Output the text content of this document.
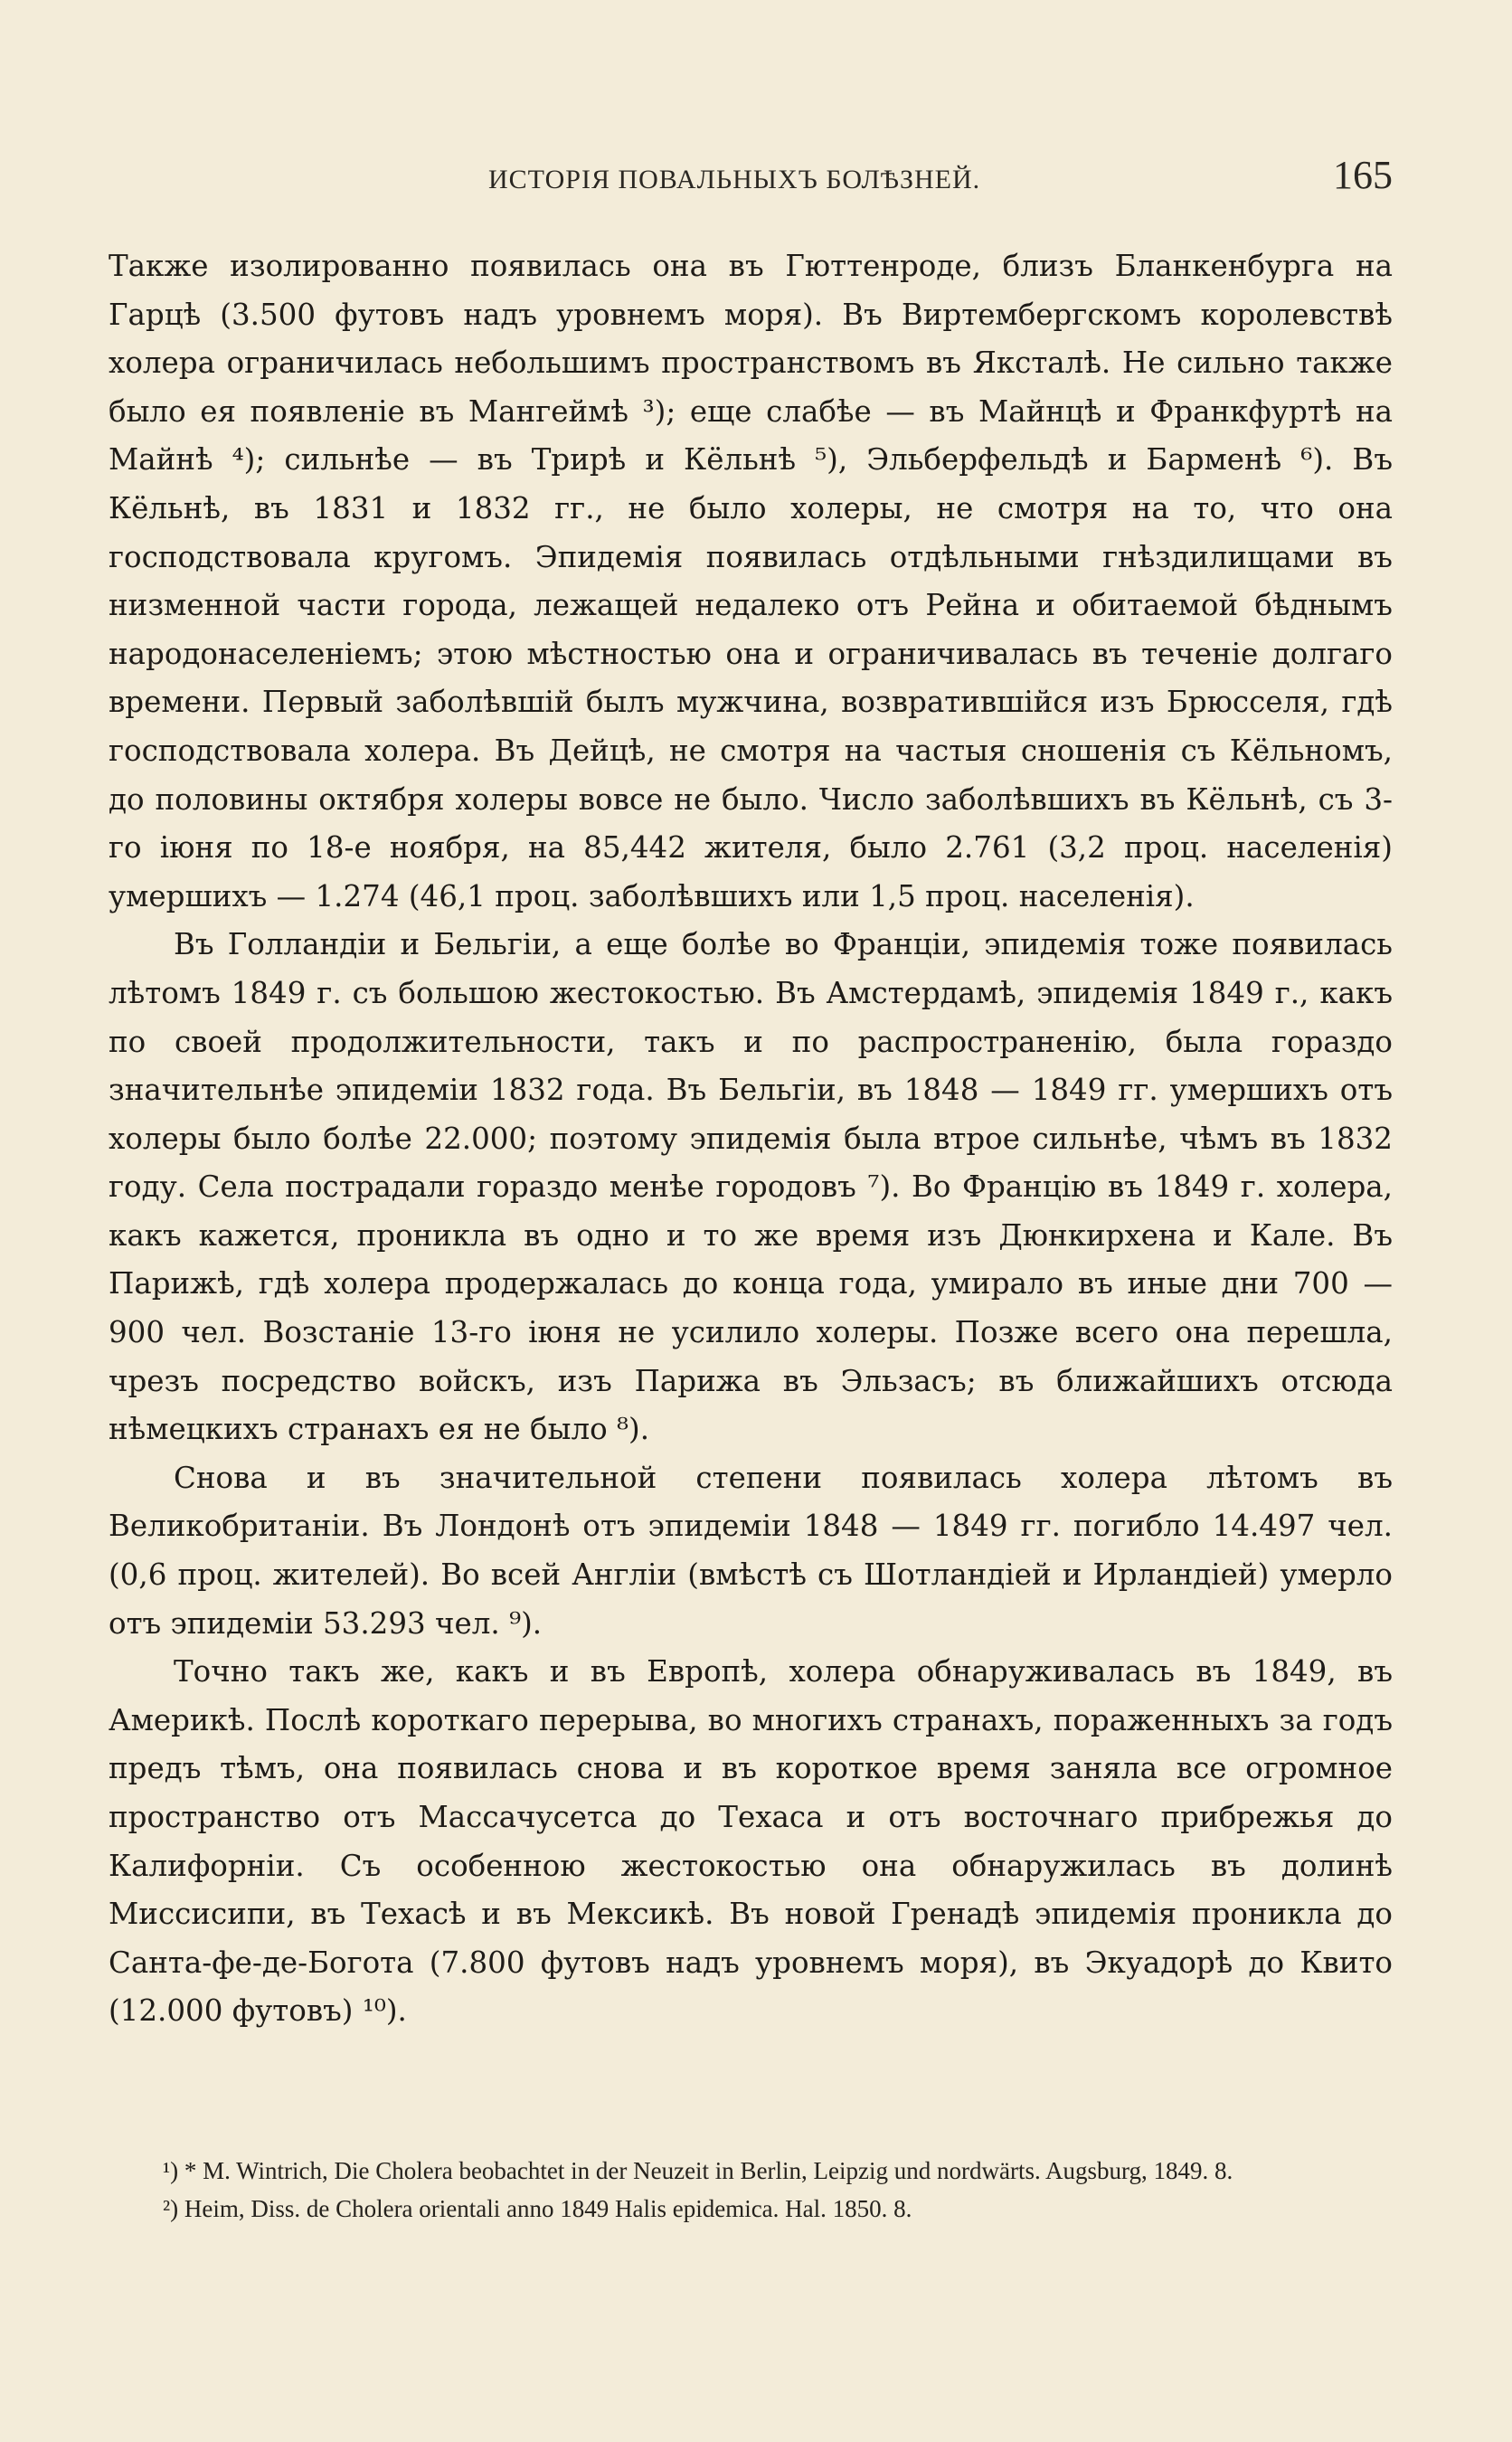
ИСТОРІЯ ПОВАЛЬНЫХЪ БОЛѢЗНЕЙ.	165

Также изолированно появилась она въ Гюттенроде, близъ Бланкенбурга на Гарцѣ (3.500 футовъ надъ уровнемъ моря). Въ Виртембергскомъ королевствѣ холера ограничилась небольшимъ пространствомъ въ Яксталѣ. Не сильно также было ея появленіе въ Мангеймѣ ³); еще слабѣе — въ Майнцѣ и Франкфуртѣ на Майнѣ ⁴); сильнѣе — въ Трирѣ и Кёльнѣ ⁵), Эльберфельдѣ и Барменѣ ⁶). Въ Кёльнѣ, въ 1831 и 1832 гг., не было холеры, не смотря на то, что она господствовала кругомъ. Эпидемія появилась отдѣльными гнѣздилищами въ низменной части города, лежащей недалеко отъ Рейна и обитаемой бѣднымъ народонаселеніемъ; этою мѣстностью она и ограничивалась въ теченіе долгаго времени. Первый заболѣвшій былъ мужчина, возвратившійся изъ Брюсселя, гдѣ господствовала холера. Въ Дейцѣ, не смотря на частыя сношенія съ Кёльномъ, до половины октября холеры вовсе не было. Число заболѣвшихъ въ Кёльнѣ, съ 3-го іюня по 18-е ноября, на 85,442 жителя, было 2.761 (3,2 проц. населенія) умершихъ — 1.274 (46,1 проц. заболѣвшихъ или 1,5 проц. населенія).

Въ Голландіи и Бельгіи, а еще болѣе во Франціи, эпидемія тоже появилась лѣтомъ 1849 г. съ большою жестокостью. Въ Амстердамѣ, эпидемія 1849 г., какъ по своей продолжительности, такъ и по распространенію, была гораздо значительнѣе эпидеміи 1832 года. Въ Бельгіи, въ 1848 — 1849 гг. умершихъ отъ холеры было болѣе 22.000; поэтому эпидемія была втрое сильнѣе, чѣмъ въ 1832 году. Села пострадали гораздо менѣе городовъ ⁷). Во Францію въ 1849 г. холера, какъ кажется, проникла въ одно и то же время изъ Дюнкирхена и Кале. Въ Парижѣ, гдѣ холера продержалась до конца года, умирало въ иные дни 700 — 900 чел. Возстаніе 13-го іюня не усилило холеры. Позже всего она перешла, чрезъ посредство войскъ, изъ Парижа въ Эльзасъ; въ ближайшихъ отсюда нѣмецкихъ странахъ ея не было ⁸).

Снова и въ значительной степени появилась холера лѣтомъ въ Великобританіи. Въ Лондонѣ отъ эпидеміи 1848 — 1849 гг. погибло 14.497 чел. (0,6 проц. жителей). Во всей Англіи (вмѣстѣ съ Шотландіей и Ирландіей) умерло отъ эпидеміи 53.293 чел. ⁹).

Точно такъ же, какъ и въ Европѣ, холера обнаруживалась въ 1849, въ Америкѣ. Послѣ короткаго перерыва, во многихъ странахъ, пораженныхъ за годъ предъ тѣмъ, она появилась снова и въ короткое время заняла все огромное пространство отъ Массачусетса до Техаса и отъ восточнаго прибрежья до Калифорніи. Съ особенною жестокостью она обнаружилась въ долинѣ Миссисипи, въ Техасѣ и въ Мексикѣ. Въ новой Гренадѣ эпидемія проникла до Санта-фе-де-Богота (7.800 футовъ надъ уровнемъ моря), въ Экуадорѣ до Квито (12.000 футовъ) ¹⁰).

¹) * M. Wintrich, Die Cholera beobachtet in der Neuzeit in Berlin, Leipzig und nordwärts. Augsburg, 1849. 8.

²) Heim, Diss. de Cholera orientali anno 1849 Halis epidemica. Hal. 1850. 8.
